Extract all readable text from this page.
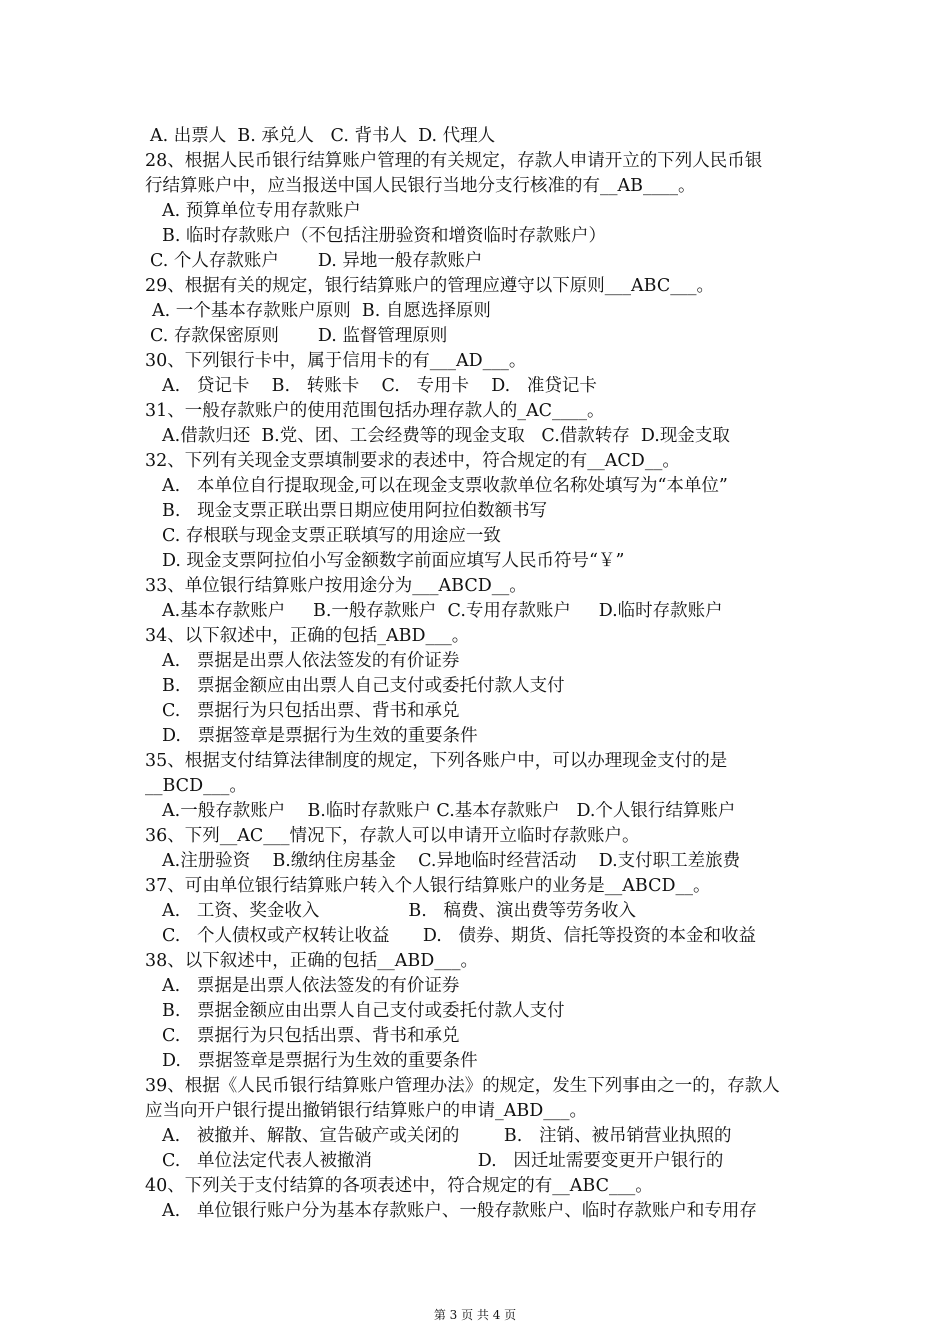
第 3 页 共 4 页
A. 出票人  B. 承兑人   C. 背书人  D. 代理人
28、根据人民币银行结算账户管理的有关规定，存款人申请开立的下列人民币银
行结算账户中，应当报送中国人民银行当地分支行核准的有__AB____。
A. 预算单位专用存款账户
B. 临时存款账户（不包括注册验资和增资临时存款账户）
C. 个人存款账户       D. 异地一般存款账户
29、根据有关的规定，银行结算账户的管理应遵守以下原则___ABC___。
A. 一个基本存款账户原则  B. 自愿选择原则
C. 存款保密原则       D. 监督管理原则
30、下列银行卡中，属于信用卡的有___AD___。
A.   贷记卡    B.   转账卡    C.   专用卡    D.   准贷记卡
31、一般存款账户的使用范围包括办理存款人的_AC____。
A.借款归还  B.党、团、工会经费等的现金支取   C.借款转存  D.现金支取
32、下列有关现金支票填制要求的表述中，符合规定的有__ACD__。
A.   本单位自行提取现金,可以在现金支票收款单位名称处填写为“本单位”
B.   现金支票正联出票日期应使用阿拉伯数额书写
C. 存根联与现金支票正联填写的用途应一致
D. 现金支票阿拉伯小写金额数字前面应填写人民币符号“￥”
33、单位银行结算账户按用途分为___ABCD__。
A.基本存款账户     B.一般存款账户  C.专用存款账户     D.临时存款账户
34、以下叙述中，正确的包括_ABD___。
A.   票据是出票人依法签发的有价证券
B.   票据金额应由出票人自己支付或委托付款人支付
C.   票据行为只包括出票、背书和承兑
D.   票据签章是票据行为生效的重要条件
35、根据支付结算法律制度的规定，下列各账户中，可以办理现金支付的是
__BCD___。
A.一般存款账户    B.临时存款账户 C.基本存款账户   D.个人银行结算账户
36、下列__AC___情况下，存款人可以申请开立临时存款账户。
A.注册验资    B.缴纳住房基金    C.异地临时经营活动    D.支付职工差旅费
37、可由单位银行结算账户转入个人银行结算账户的业务是__ABCD__。
A.   工资、奖金收入                B.   稿费、演出费等劳务收入
C.   个人债权或产权转让收益      D.   债券、期货、信托等投资的本金和收益
38、以下叙述中，正确的包括__ABD___。
A.   票据是出票人依法签发的有价证券
B.   票据金额应由出票人自己支付或委托付款人支付
C.   票据行为只包括出票、背书和承兑
D.   票据签章是票据行为生效的重要条件
39、根据《人民币银行结算账户管理办法》的规定，发生下列事由之一的，存款人
应当向开户银行提出撤销银行结算账户的申请_ABD___。
A.   被撤并、解散、宣告破产或关闭的        B.   注销、被吊销营业执照的
C.   单位法定代表人被撤消                   D.   因迁址需要变更开户银行的
40、下列关于支付结算的各项表述中，符合规定的有__ABC___。
A.   单位银行账户分为基本存款账户、一般存款账户、临时存款账户和专用存
